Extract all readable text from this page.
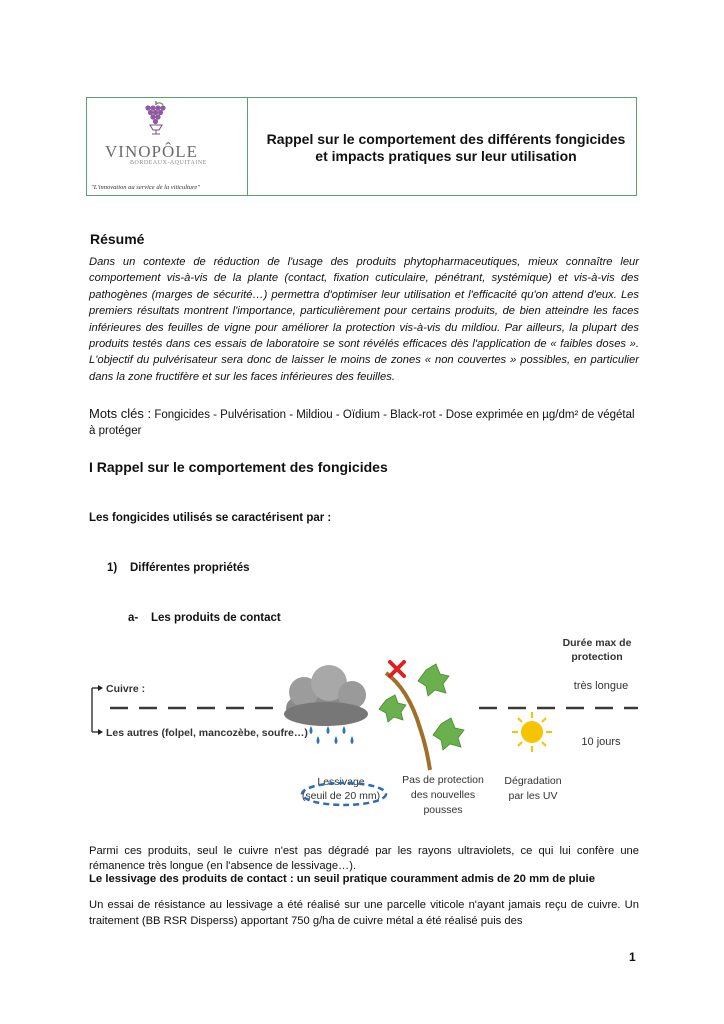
VINOPÔLE
BORDEAUX-AQUITAINE
"L'innovation au service de la viticulture"
Rappel sur le comportement des différents fongicides
et impacts pratiques sur leur utilisation
Résumé
Dans un contexte de réduction de l'usage des produits phytopharmaceutiques, mieux connaître leur comportement vis-à-vis de la plante (contact, fixation cuticulaire, pénétrant, systémique) et vis-à-vis des pathogènes (marges de sécurité…) permettra d'optimiser leur utilisation et l'efficacité qu'on attend d'eux. Les premiers résultats montrent l'importance, particulièrement pour certains produits, de bien atteindre les faces inférieures des feuilles de vigne pour améliorer la protection vis-à-vis du mildiou. Par ailleurs, la plupart des produits testés dans ces essais de laboratoire se sont révélés efficaces dès l'application de « faibles doses ». L'objectif du pulvérisateur sera donc de laisser le moins de zones « non couvertes » possibles, en particulier dans la zone fructifère et sur les faces inférieures des feuilles.
Mots clés : Fongicides - Pulvérisation - Mildiou - Oïdium - Black-rot - Dose exprimée en µg/dm² de végétal à protéger
I Rappel sur le comportement des fongicides
Les fongicides utilisés se caractérisent par :
1)    Différentes propriétés
a-    Les produits de contact
Cuivre :
Les autres (folpel, mancozèbe, soufre…)
Durée max de
protection
très longue
10 jours
Lessivage
(seuil de 20 mm)
Pas de protection
des nouvelles
pousses
Dégradation
par les UV
Parmi ces produits, seul le cuivre n'est pas dégradé par les rayons ultraviolets, ce qui lui confère une rémanence très longue (en l'absence de lessivage…).
Le lessivage des produits de contact : un seuil pratique couramment admis de 20 mm de pluie
Un essai de résistance au lessivage a été réalisé sur une parcelle viticole n'ayant jamais reçu de cuivre. Un traitement (BB RSR Disperss) apportant 750 g/ha de cuivre métal a été réalisé puis des
1
